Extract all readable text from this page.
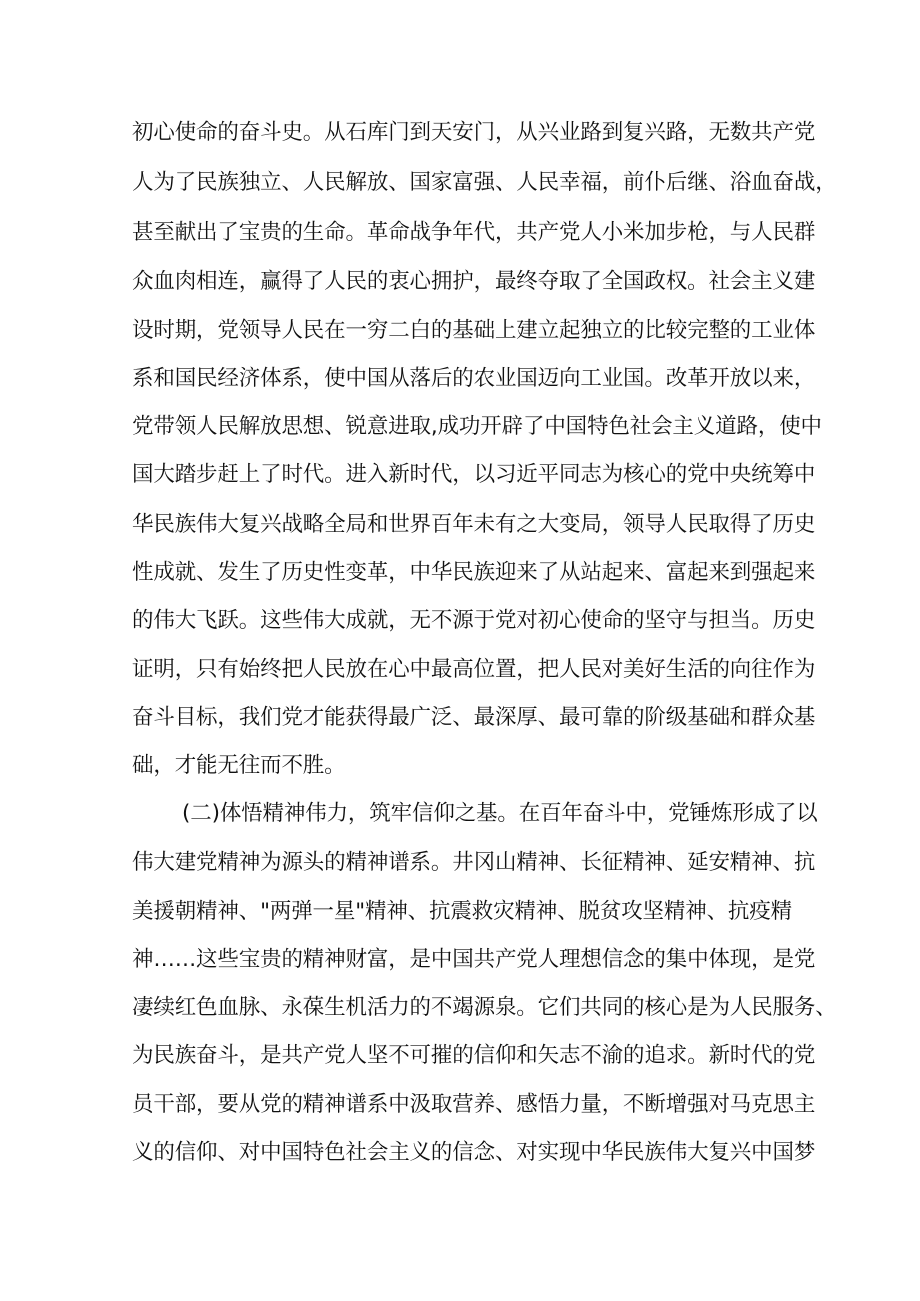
初心使命的奋斗史。从石库门到天安门，从兴业路到复兴路，无数共产党
人为了民族独立、人民解放、国家富强、人民幸福，前仆后继、浴血奋战，
甚至献出了宝贵的生命。革命战争年代，共产党人小米加步枪，与人民群
众血肉相连，赢得了人民的衷心拥护，最终夺取了全国政权。社会主义建
设时期，党领导人民在一穷二白的基础上建立起独立的比较完整的工业体
系和国民经济体系，使中国从落后的农业国迈向工业国。改革开放以来，
党带领人民解放思想、锐意进取,成功开辟了中国特色社会主义道路，使中
国大踏步赶上了时代。进入新时代，以习近平同志为核心的党中央统筹中
华民族伟大复兴战略全局和世界百年未有之大变局，领导人民取得了历史
性成就、发生了历史性变革，中华民族迎来了从站起来、富起来到强起来
的伟大飞跃。这些伟大成就，无不源于党对初心使命的坚守与担当。历史
证明，只有始终把人民放在心中最高位置，把人民对美好生活的向往作为
奋斗目标，我们党才能获得最广泛、最深厚、最可靠的阶级基础和群众基
础，才能无往而不胜。
(二)体悟精神伟力，筑牢信仰之基。在百年奋斗中，党锤炼形成了以
伟大建党精神为源头的精神谱系。井冈山精神、长征精神、延安精神、抗
美援朝精神、"两弹一星"精神、抗震救灾精神、脱贫攻坚精神、抗疫精
神……这些宝贵的精神财富，是中国共产党人理想信念的集中体现，是党
凄续红色血脉、永葆生机活力的不竭源泉。它们共同的核心是为人民服务、
为民族奋斗，是共产党人坚不可摧的信仰和矢志不渝的追求。新时代的党
员干部，要从党的精神谱系中汲取营养、感悟力量，不断增强对马克思主
义的信仰、对中国特色社会主义的信念、对实现中华民族伟大复兴中国梦
